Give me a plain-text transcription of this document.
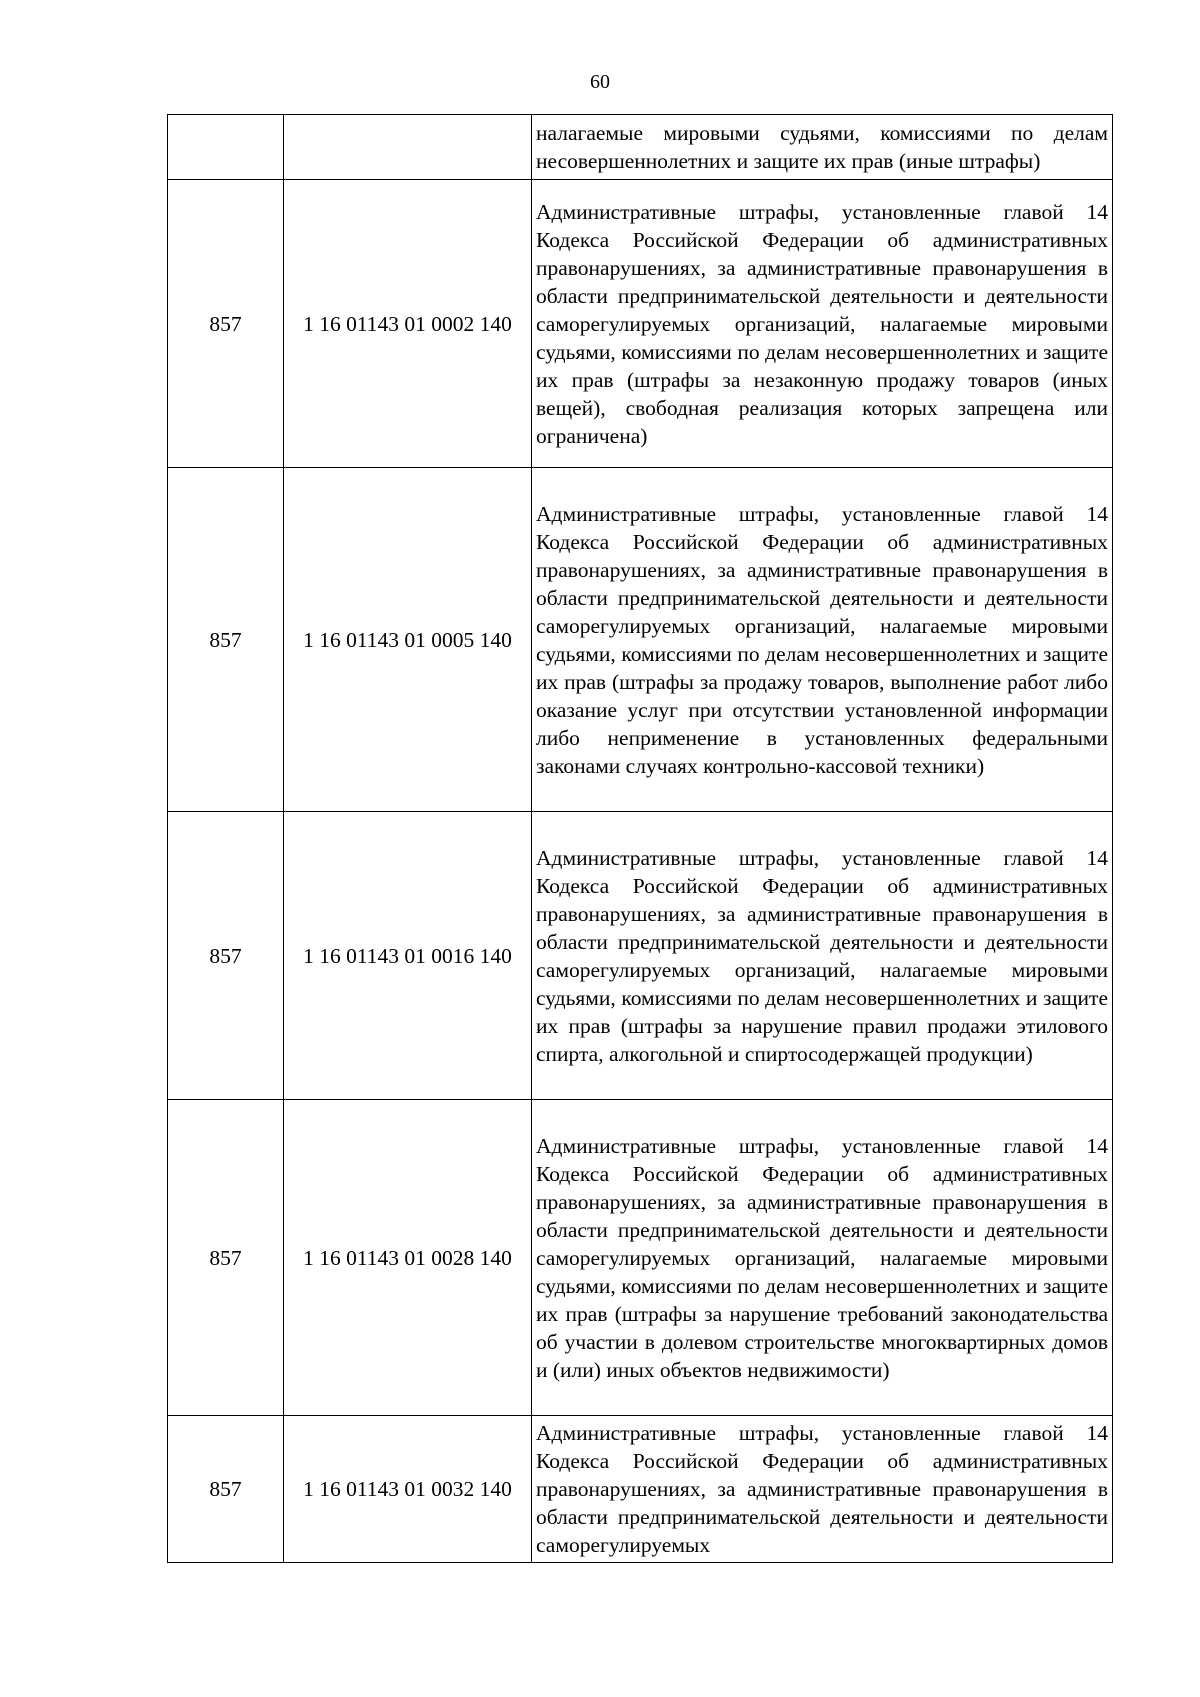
60
		налагаемые мировыми судьями, комиссиями по делам несовершеннолетних и защите их прав (иные штрафы)
857	1 16 01143 01 0002 140	Административные штрафы, установленные главой 14 Кодекса Российской Федерации об административных правонарушениях, за административные правонарушения в области предпринимательской деятельности и деятельности саморегулируемых организаций, налагаемые мировыми судьями, комиссиями по делам несовершеннолетних и защите их прав (штрафы за незаконную продажу товаров (иных вещей), свободная реализация которых запрещена или ограничена)
857	1 16 01143 01 0005 140	Административные штрафы, установленные главой 14 Кодекса Российской Федерации об административных правонарушениях, за административные правонарушения в области предпринимательской деятельности и деятельности саморегулируемых организаций, налагаемые мировыми судьями, комиссиями по делам несовершеннолетних и защите их прав (штрафы за продажу товаров, выполнение работ либо оказание услуг при отсутствии установленной информации либо неприменение в установленных федеральными законами случаях контрольно-кассовой техники)
857	1 16 01143 01 0016 140	Административные штрафы, установленные главой 14 Кодекса Российской Федерации об административных правонарушениях, за административные правонарушения в области предпринимательской деятельности и деятельности саморегулируемых организаций, налагаемые мировыми судьями, комиссиями по делам несовершеннолетних и защите их прав (штрафы за нарушение правил продажи этилового спирта, алкогольной и спиртосодержащей продукции)
857	1 16 01143 01 0028 140	Административные штрафы, установленные главой 14 Кодекса Российской Федерации об административных правонарушениях, за административные правонарушения в области предпринимательской деятельности и деятельности саморегулируемых организаций, налагаемые мировыми судьями, комиссиями по делам несовершеннолетних и защите их прав (штрафы за нарушение требований законодательства об участии в долевом строительстве многоквартирных домов и (или) иных объектов недвижимости)
857	1 16 01143 01 0032 140	Административные штрафы, установленные главой 14 Кодекса Российской Федерации об административных правонарушениях, за административные правонарушения в области предпринимательской деятельности и деятельности саморегулируемых
